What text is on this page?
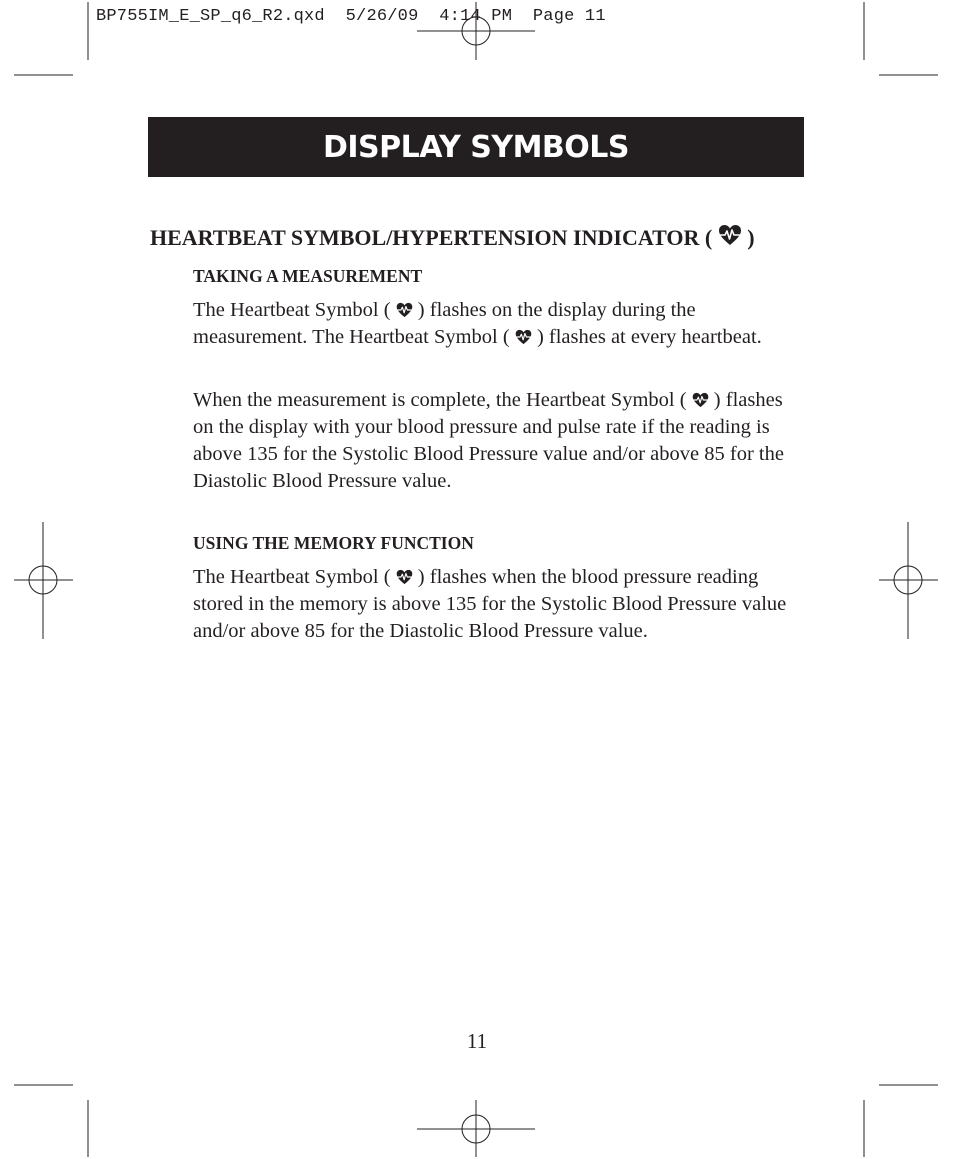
BP755IM_E_SP_q6_R2.qxd 5/26/09 4:14 PM Page 11
DISPLAY SYMBOLS
HEARTBEAT SYMBOL/HYPERTENSION INDICATOR ( )
TAKING A MEASUREMENT

The Heartbeat Symbol ( ) flashes on the display during the measurement. The Heartbeat Symbol ( ) flashes at every heartbeat.

When the measurement is complete, the Heartbeat Symbol ( ) flashes on the display with your blood pressure and pulse rate if the reading is above 135 for the Systolic Blood Pressure value and/or above 85 for the Diastolic Blood Pressure value.

USING THE MEMORY FUNCTION

The Heartbeat Symbol ( ) flashes when the blood pressure reading stored in the memory is above 135 for the Systolic Blood Pressure value and/or above 85 for the Diastolic Blood Pressure value.

11
